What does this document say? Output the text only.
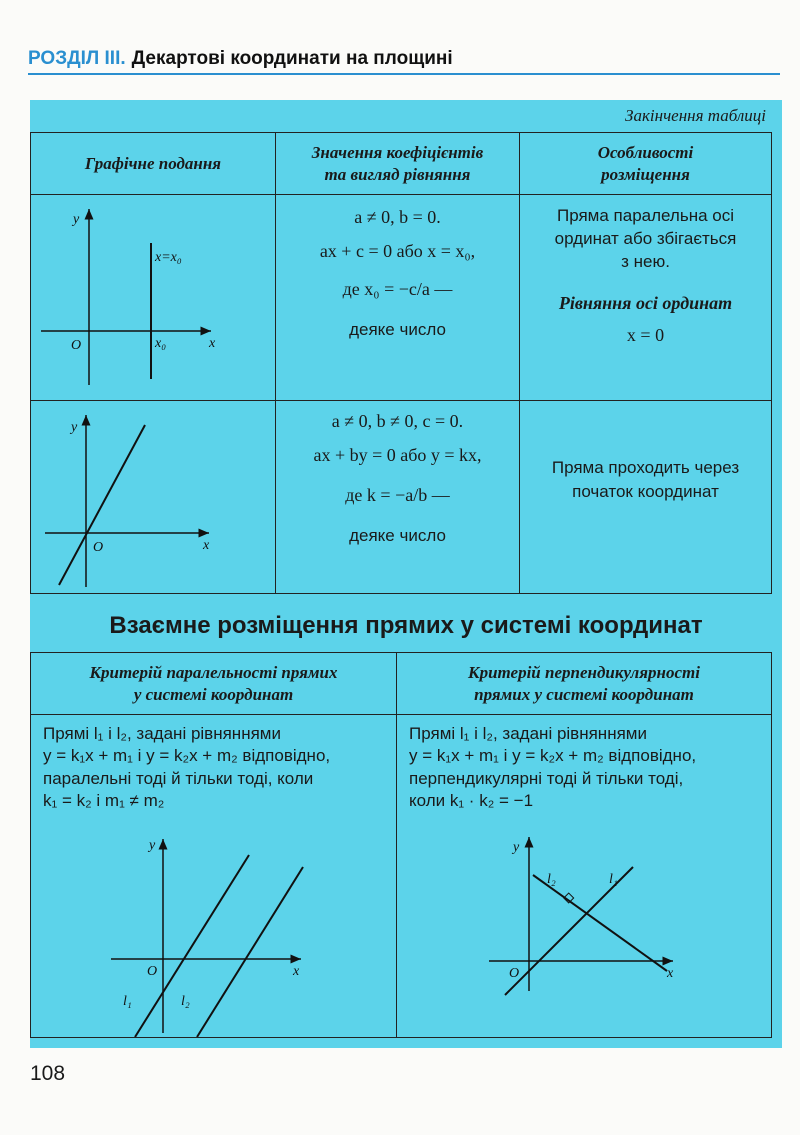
РОЗДІЛ III. Декартові координати на площині
Закінчення таблиці
Графічне подання
Значення коефіцієнтів
та вигляд рівняння
Особливості
розміщення
y
x
O	x₀
x=x₀
a ≠ 0, b = 0.
ax + c = 0 або x = x₀,
де x₀ = −c/a —
деяке число
Пряма паралельна осі
ординат або збігається
з нею.
Рівняння осі ординат
x = 0
y
x
O
a ≠ 0, b ≠ 0, c = 0.
ax + by = 0 або y = kx,
де k = −a/b —
деяке число
Пряма проходить через
початок координат
Взаємне розміщення прямих у системі координат
Критерій паралельності прямих
у системі координат
Критерій перпендикулярності
прямих у системі координат
Прямі l₁ і l₂, задані рівняннями
y = k₁x + m₁ і y = k₂x + m₂ відповідно,
паралельні тоді й тільки тоді, коли
k₁ = k₂ і m₁ ≠ m₂
y
x
O
l₁	l₂
Прямі l₁ і l₂, задані рівняннями
y = k₁x + m₁ і y = k₂x + m₂ відповідно,
перпендикулярні тоді й тільки тоді,
коли k₁ · k₂ = −1
y
x
O
l₁
l₂
108
